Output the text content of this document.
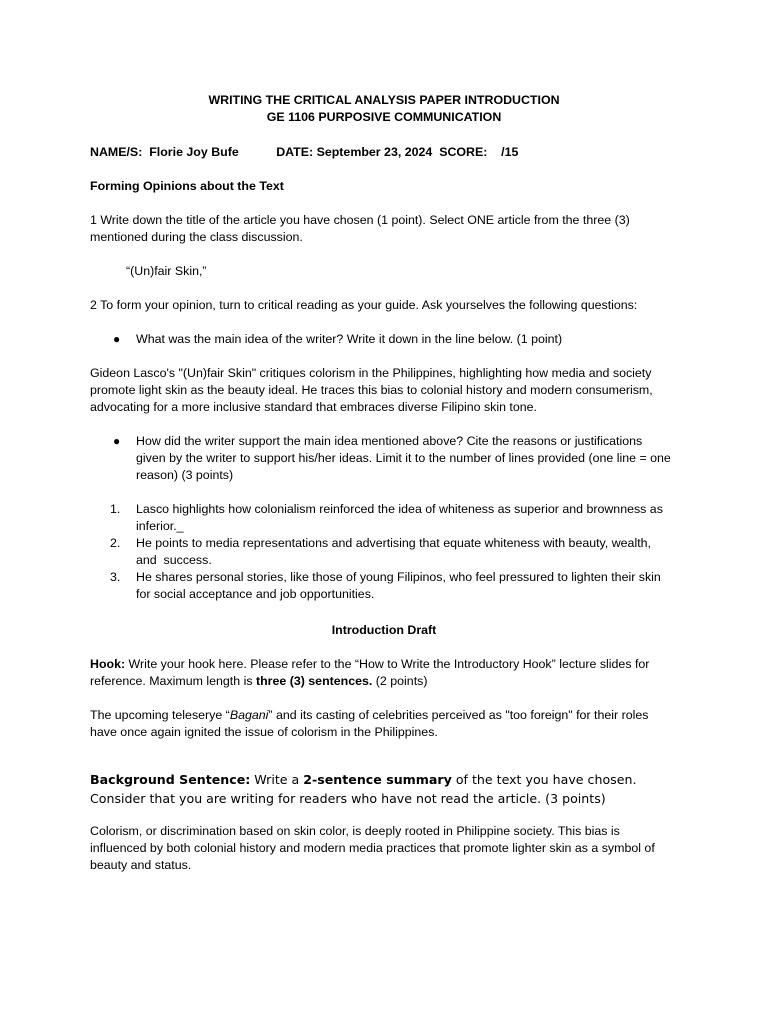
WRITING THE CRITICAL ANALYSIS PAPER INTRODUCTION

GE 1106 PURPOSIVE COMMUNICATION

NAME/S: Florie Joy Bufe	DATE: September 23, 2024 SCORE: /15

Forming Opinions about the Text

1 Write down the title of the article you have chosen (1 point). Select ONE article from the three (3)

mentioned during the class discussion.

“(Un)fair Skin,”

2 To form your opinion, turn to critical reading as your guide. Ask yourselves the following questions:

● What was the main idea of the writer? Write it down in the line below. (1 point)

Gideon Lasco's "(Un)fair Skin" critiques colorism in the Philippines, highlighting how media and society

promote light skin as the beauty ideal. He traces this bias to colonial history and modern consumerism,

advocating for a more inclusive standard that embraces diverse Filipino skin tone.

● How did the writer support the main idea mentioned above? Cite the reasons or justifications

given by the writer to support his/her ideas. Limit it to the number of lines provided (one line = one

reason) (3 points)

1. Lasco highlights how colonialism reinforced the idea of whiteness as superior and brownness as

inferior._

2. He points to media representations and advertising that equate whiteness with beauty, wealth,

and  success.

3. He shares personal stories, like those of young Filipinos, who feel pressured to lighten their skin

for social acceptance and job opportunities.

Introduction Draft

Hook: Write your hook here. Please refer to the “How to Write the Introductory Hook” lecture slides for

reference. Maximum length is three (3) sentences. (2 points)

The upcoming teleserye “Bagani” and its casting of celebrities perceived as "too foreign" for their roles

have once again ignited the issue of colorism in the Philippines.

Background Sentence: Write a 2-sentence summary of the text you have chosen.

Consider that you are writing for readers who have not read the article. (3 points)

Colorism, or discrimination based on skin color, is deeply rooted in Philippine society. This bias is

influenced by both colonial history and modern media practices that promote lighter skin as a symbol of

beauty and status.
